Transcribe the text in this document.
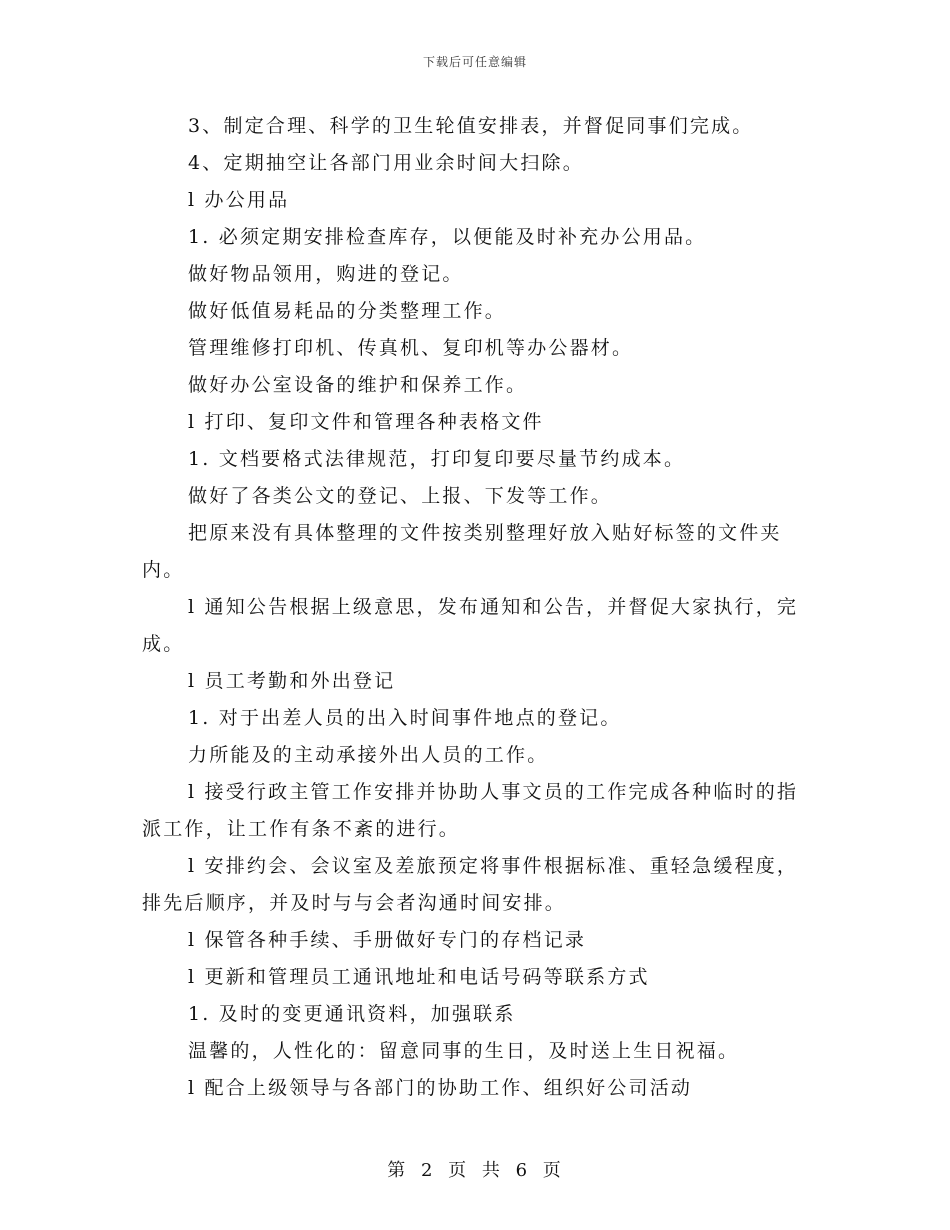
下载后可任意编辑

3、制定合理、科学的卫生轮值安排表，并督促同事们完成。

4、定期抽空让各部门用业余时间大扫除。

l 办公用品

1. 必须定期安排检查库存，以便能及时补充办公用品。

做好物品领用，购进的登记。

做好低值易耗品的分类整理工作。

管理维修打印机、传真机、复印机等办公器材。

做好办公室设备的维护和保养工作。

l 打印、复印文件和管理各种表格文件

1. 文档要格式法律规范，打印复印要尽量节约成本。

做好了各类公文的登记、上报、下发等工作。

把原来没有具体整理的文件按类别整理好放入贴好标签的文件夹内。

l 通知公告根据上级意思，发布通知和公告，并督促大家执行，完成。

l 员工考勤和外出登记

1. 对于出差人员的出入时间事件地点的登记。

力所能及的主动承接外出人员的工作。

l 接受行政主管工作安排并协助人事文员的工作完成各种临时的指派工作，让工作有条不紊的进行。

l 安排约会、会议室及差旅预定将事件根据标准、重轻急缓程度，排先后顺序，并及时与与会者沟通时间安排。

l 保管各种手续、手册做好专门的存档记录

l 更新和管理员工通讯地址和电话号码等联系方式

1. 及时的变更通讯资料，加强联系

温馨的，人性化的：留意同事的生日，及时送上生日祝福。

l 配合上级领导与各部门的协助工作、组织好公司活动

第 2 页 共 6 页
